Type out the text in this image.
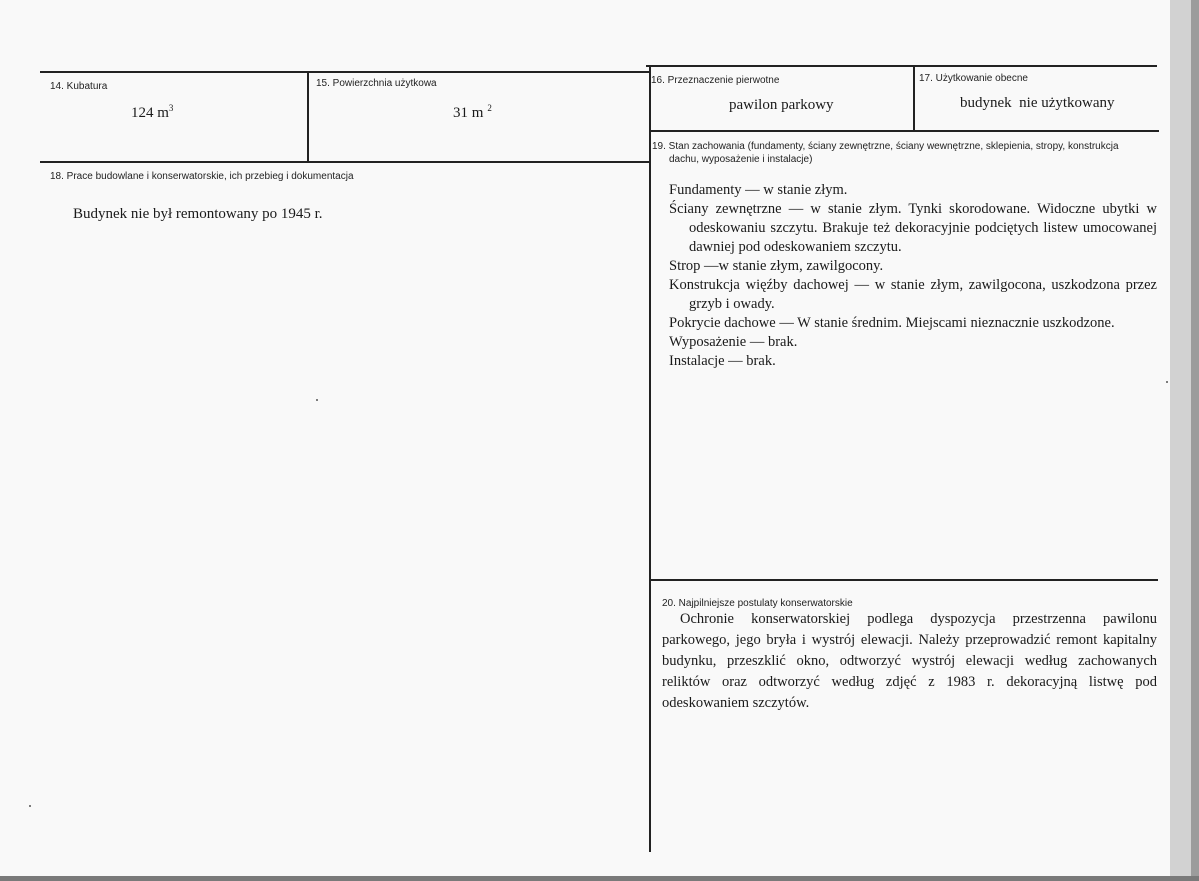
14. Kubatura
124 $m^3$
15. Powierzchnia użytkowa
31 m $^2$
16. Przeznaczenie pierwotne
pawilon parkowy
17. Użytkowanie obecne
budynek  nie użytkowany
18. Prace budowlane i konserwatorskie, ich przebieg i dokumentacja
Budynek nie był remontowany po 1945 r.
19. Stan zachowania (fundamenty, ściany zewnętrzne, ściany wewnętrzne, sklepienia, stropy, konstrukcja
dachu, wyposażenie i instalacje)
Fundamenty — w stanie złym.
Ściany zewnętrzne — w stanie złym. Tynki skorodowane. Widoczne ubytki w odeskowaniu szczytu. Brakuje też dekoracyjnie podciętych listew umocowanej dawniej pod odeskowaniem szczytu.
Strop —w stanie złym, zawilgocony.
Konstrukcja więźby dachowej — w stanie złym, zawilgocona, uszkodzona przez grzyb i owady.
Pokrycie dachowe — W stanie średnim. Miejscami nieznacznie uszkodzone.
Wyposażenie — brak.
Instalacje — brak.
20. Najpilniejsze postulaty konserwatorskie
Ochronie konserwatorskiej podlega dyspozycja przestrzenna pawilonu parkowego, jego bryła i wystrój elewacji. Należy przeprowadzić remont kapitalny budynku, przeszklić okno, odtworzyć wystrój elewacji według zachowanych reliktów oraz odtworzyć według zdjęć z 1983 r. dekoracyjną listwę pod odeskowaniem szczytów.
